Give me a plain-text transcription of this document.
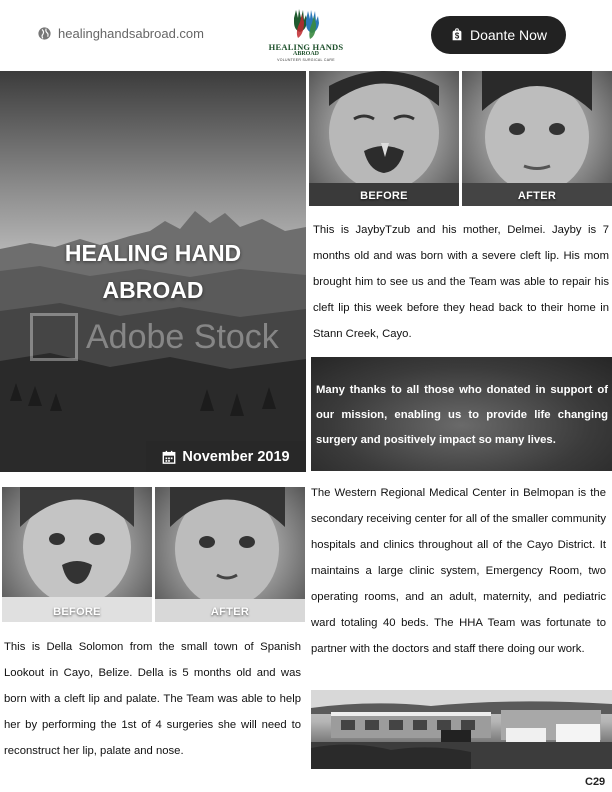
healinghandsabroad.com
HEALING HANDS
ABROAD
VOLUNTEER SURGICAL CARE
$ Doante Now
HEALING HAND
ABROAD
Adobe Stock
November 2019
BEFORE	AFTER

This is JaybyTzub and his mother, Delmei. Jayby is 7 months old and was born with a severe cleft lip. His mom brought him to see us and the Team was able to repair his cleft lip this week before they head back to their home in Stann Creek, Cayo.

Many thanks to all those who donated in support of our mission, enabling us to provide life changing surgery and positively impact so many lives.

BEFORE	AFTER

The Western Regional Medical Center in Belmopan is the secondary receiving center for all of the smaller community hospitals and clinics throughout all of the Cayo District. It maintains a large clinic system, Emergency Room, two operating rooms, and an adult, maternity, and pediatric ward totaling 40 beds. The HHA Team was fortunate to partner with the doctors and staff there doing our work.

This is Della Solomon from the small town of Spanish Lookout in Cayo, Belize. Della is 5 months old and was born with a cleft lip and palate. The Team was able to help her by performing the 1st of 4 surgeries she will need to reconstruct her lip, palate and nose.

C29
